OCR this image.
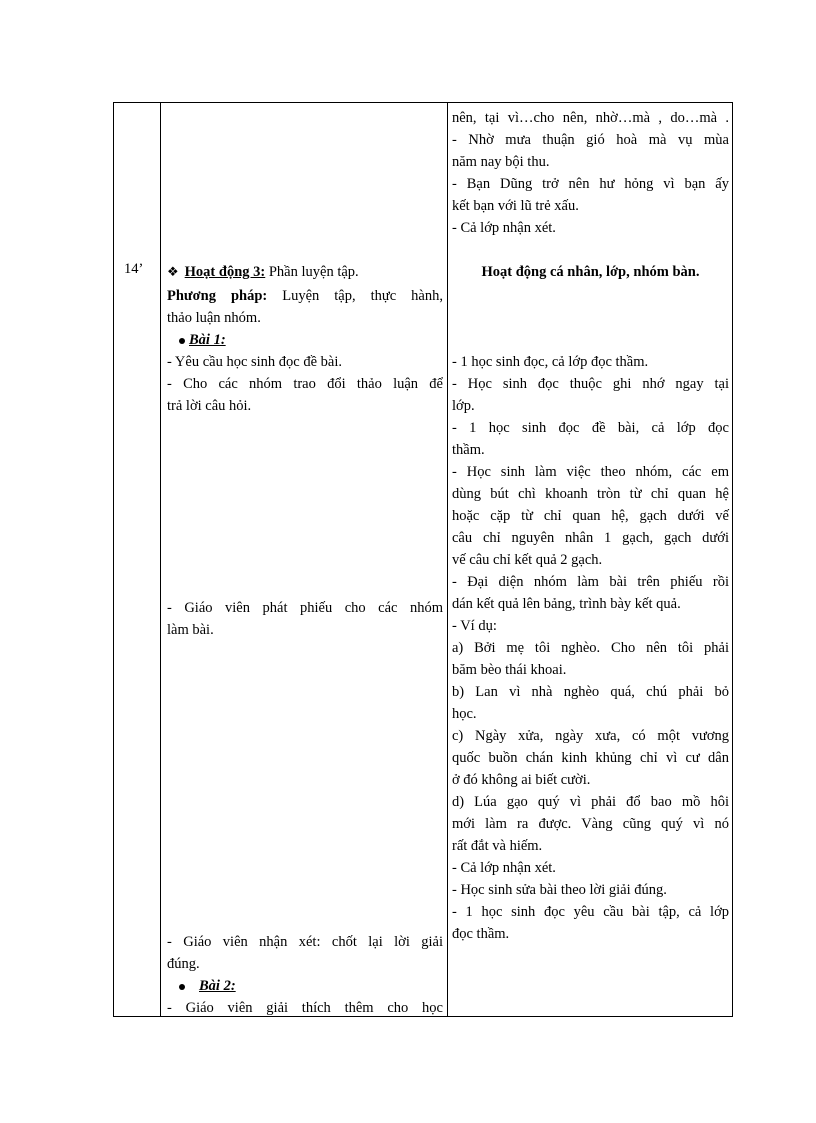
14’ ❖ Hoạt động 3: Phần luyện tập.
Phương pháp: Luyện tập, thực hành,
thảo luận nhóm.
Bài 1:
- Yêu cầu học sinh đọc đề bài.
- Cho các nhóm trao đổi thảo luận để
trả lời câu hỏi.
- Giáo viên phát phiếu cho các nhóm
làm bài.
- Giáo viên nhận xét: chốt lại lời giải
đúng.
Bài 2:
- Giáo viên giải thích thêm cho học
nên, tại vì…cho nên, nhờ…mà , do…mà .
- Nhờ mưa thuận gió hoà mà vụ mùa
năm nay bội thu.
- Bạn Dũng trở nên hư hỏng vì bạn ấy
kết bạn với lũ trẻ xấu.
- Cả lớp nhận xét.
Hoạt động cá nhân, lớp, nhóm bàn.
- 1 học sinh đọc, cả lớp đọc thầm.
- Học sinh đọc thuộc ghi nhớ ngay tại
lớp.
- 1 học sinh đọc đề bài, cả lớp đọc
thầm.
- Học sinh làm việc theo nhóm, các em
dùng bút chì khoanh tròn từ chỉ quan hệ
hoặc cặp từ chỉ quan hệ, gạch dưới vế
câu chỉ nguyên nhân 1 gạch, gạch dưới
vế câu chỉ kết quả 2 gạch.
- Đại diện nhóm làm bài trên phiếu rồi
dán kết quả lên bảng, trình bày kết quả.
- Ví dụ:
a) Bởi mẹ tôi nghèo. Cho nên tôi phải
băm bèo thái khoai.
b) Lan vì nhà nghèo quá, chú phải bỏ
học.
c) Ngày xửa, ngày xưa, có một vương
quốc buồn chán kinh khủng chỉ vì cư dân
ở đó không ai biết cười.
d) Lúa gạo quý vì phải đổ bao mồ hôi
mới làm ra được. Vàng cũng quý vì nó
rất đắt và hiếm.
- Cả lớp nhận xét.
- Học sinh sửa bài theo lời giải đúng.
- 1 học sinh đọc yêu cầu bài tập, cả lớp
đọc thầm.
